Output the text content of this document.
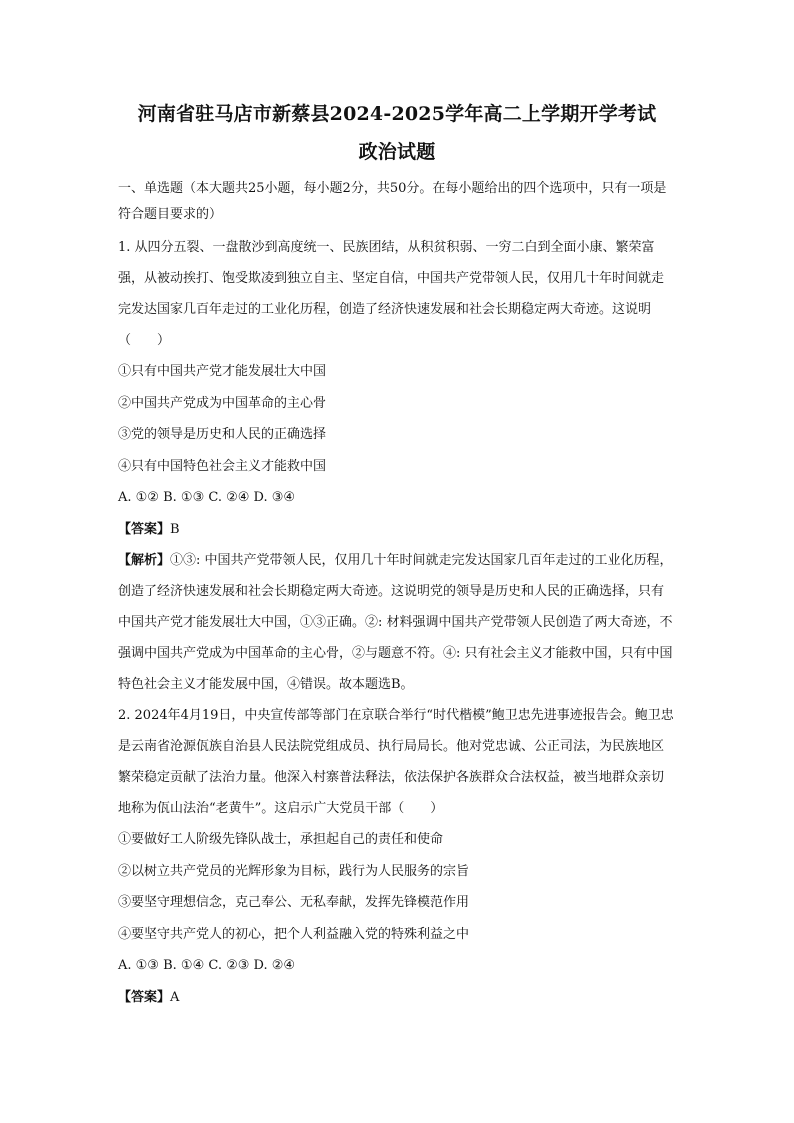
河南省驻马店市新蔡县2024-2025学年高二上学期开学考试
政治试题

一、单选题（本大题共25小题，每小题2分，共50分。在每小题给出的四个选项中，只有一项是符合题目要求的）

1. 从四分五裂、一盘散沙到高度统一、民族团结，从积贫积弱、一穷二白到全面小康、繁荣富强，从被动挨打、饱受欺凌到独立自主、坚定自信，中国共产党带领人民，仅用几十年时间就走完发达国家几百年走过的工业化历程，创造了经济快速发展和社会长期稳定两大奇迹。这说明（　　）

①只有中国共产党才能发展壮大中国

②中国共产党成为中国革命的主心骨

③党的领导是历史和人民的正确选择

④只有中国特色社会主义才能救中国

A. ①② B. ①③ C. ②④ D. ③④

【答案】B

【解析】①③: 中国共产党带领人民，仅用几十年时间就走完发达国家几百年走过的工业化历程，创造了经济快速发展和社会长期稳定两大奇迹。这说明党的领导是历史和人民的正确选择，只有中国共产党才能发展壮大中国，①③正确。②: 材料强调中国共产党带领人民创造了两大奇迹，不强调中国共产党成为中国革命的主心骨，②与题意不符。④: 只有社会主义才能救中国，只有中国特色社会主义才能发展中国，④错误。故本题选B。

2. 2024年4月19日，中央宣传部等部门在京联合举行“时代楷模”鲍卫忠先进事迹报告会。鲍卫忠是云南省沧源佤族自治县人民法院党组成员、执行局局长。他对党忠诚、公正司法，为民族地区繁荣稳定贡献了法治力量。他深入村寨普法释法，依法保护各族群众合法权益，被当地群众亲切地称为佤山法治“老黄牛”。这启示广大党员干部（　　）

①要做好工人阶级先锋队战士，承担起自己的责任和使命

②以树立共产党员的光辉形象为目标，践行为人民服务的宗旨

③要坚守理想信念，克己奉公、无私奉献，发挥先锋模范作用

④要坚守共产党人的初心，把个人利益融入党的特殊利益之中

A. ①③ B. ①④ C. ②③ D. ②④

【答案】A
